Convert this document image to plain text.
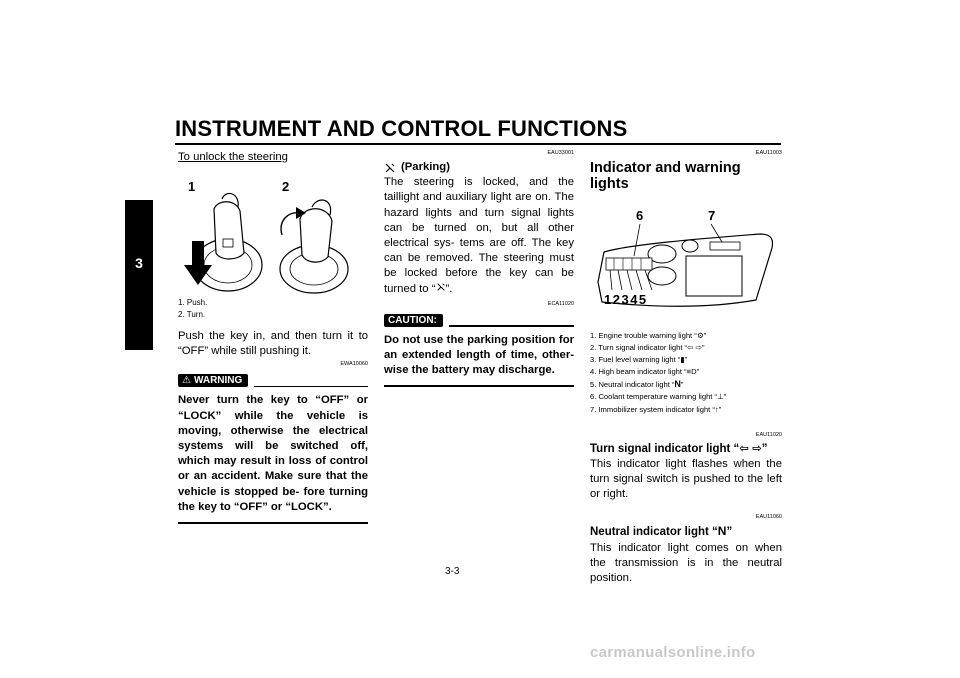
INSTRUMENT AND CONTROL FUNCTIONS
3
To unlock the steering
1	2

1. Push.

2. Turn.

Push the key in, and then turn it to “OFF” while still pushing it.

EWA10060

⚠ WARNING

Never turn the key to “OFF” or “LOCK” while the vehicle is moving, otherwise the electrical systems will be switched off, which may result in loss of control or an accident. Make sure that the vehicle is stopped be- fore turning the key to “OFF” or “LOCK”.

EAU33001

(Parking)

The steering is locked, and the taillight and auxiliary light are on. The hazard lights and turn signal lights can be turned on, but all other electrical sys- tems are off. The key can be removed. The steering must be locked before the key can be turned to “ ”.

ECA11020

CAUTION:

Do not use the parking position for an extended length of time, other- wise the battery may discharge.

EAU11003

Indicator and warning lights

6	7
12345

1. Engine trouble warning light “⚙”

2. Turn signal indicator light “⇦ ⇨”

3. Fuel level warning light “▮”

4. High beam indicator light “≡D”

5. Neutral indicator light “N”

6. Coolant temperature warning light “⊥”

7. Immobilizer system indicator light “↑”

EAU11020

Turn signal indicator light “⇦ ⇨”

This indicator light flashes when the turn signal switch is pushed to the left or right.

EAU11060

Neutral indicator light “N”

This indicator light comes on when the transmission is in the neutral position.

3-3
carmanualsonline.info
